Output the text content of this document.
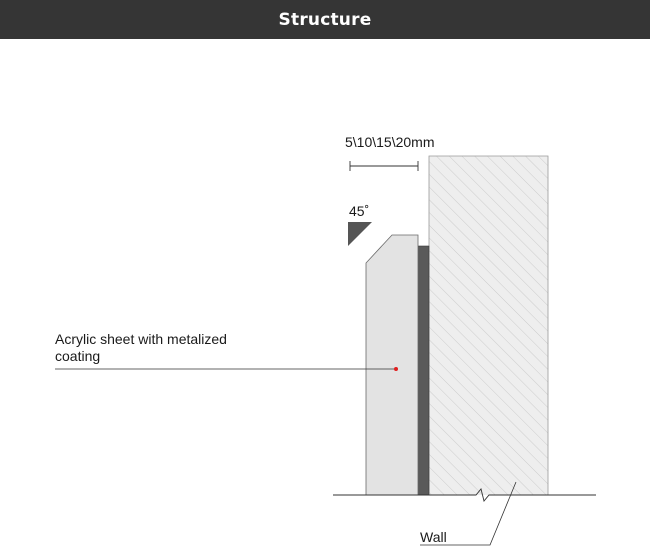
Structure
5\10\15\20mm
45˚
Acrylic sheet with metalized
coating
Wall
